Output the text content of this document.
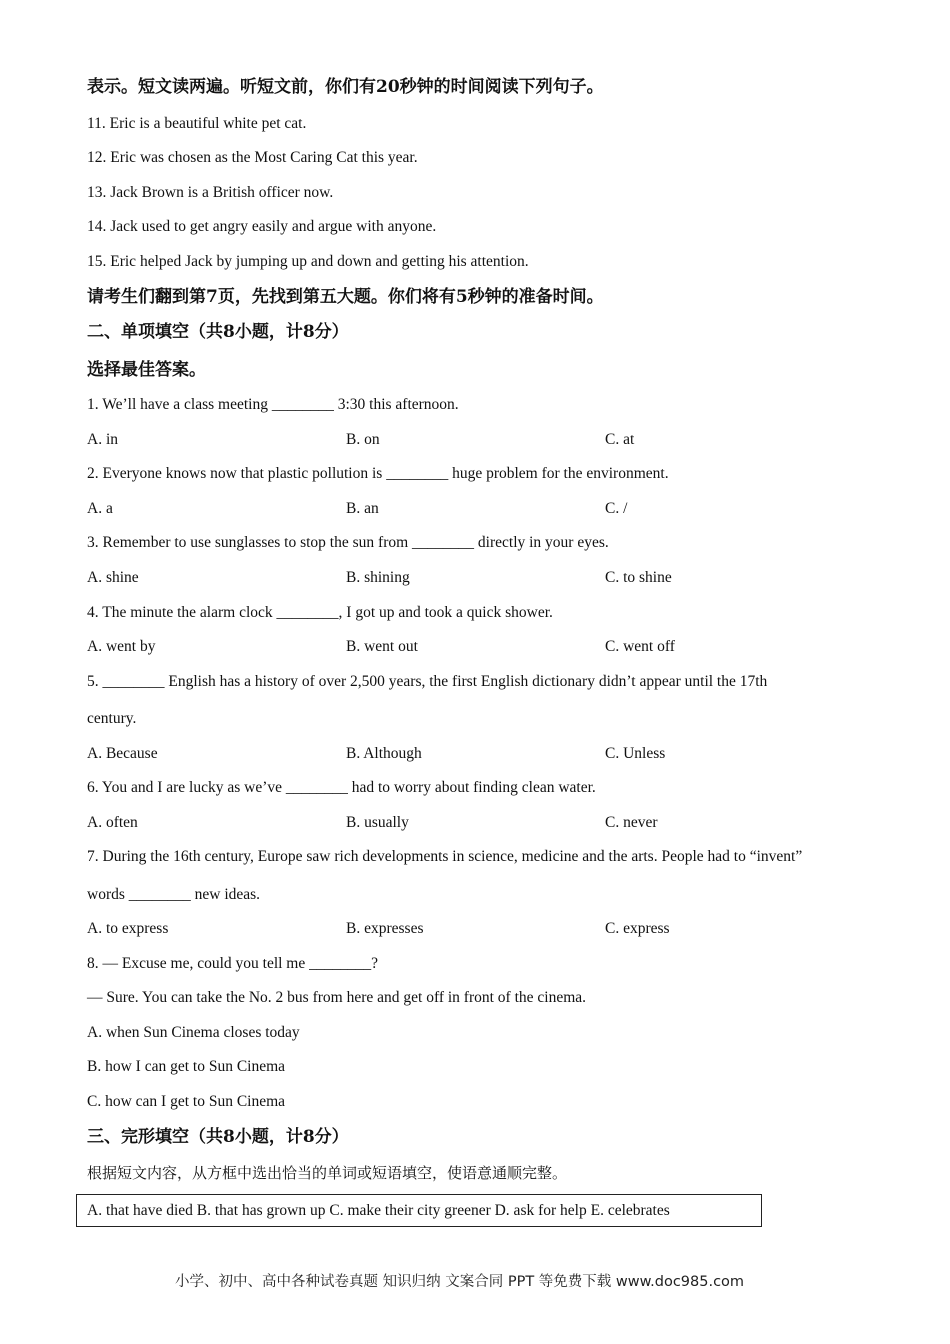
表示。短文读两遍。听短文前，你们有20秒钟的时间阅读下列句子。
11. Eric is a beautiful white pet cat.
12. Eric was chosen as the Most Caring Cat this year.
13. Jack Brown is a British officer now.
14. Jack used to get angry easily and argue with anyone.
15. Eric helped Jack by jumping up and down and getting his attention.
请考生们翻到第7页，先找到第五大题。你们将有5秒钟的准备时间。
二、单项填空（共8小题，计8分）
选择最佳答案。
1. We’ll have a class meeting ________ 3:30 this afternoon.
A. in	B. on	C. at
2. Everyone knows now that plastic pollution is ________ huge problem for the environment.
A. a	B. an	C. /
3. Remember to use sunglasses to stop the sun from ________ directly in your eyes.
A. shine	B. shining	C. to shine
4. The minute the alarm clock ________, I got up and took a quick shower.
A. went by	B. went out	C. went off
5. ________ English has a history of over 2,500 years, the first English dictionary didn’t appear until the 17th
century.
A. Because	B. Although	C. Unless
6. You and I are lucky as we’ve ________ had to worry about finding clean water.
A. often	B. usually	C. never
7. During the 16th century, Europe saw rich developments in science, medicine and the arts. People had to “invent”
words ________ new ideas.
A. to express	B. expresses	C. express
8. — Excuse me, could you tell me ________?
— Sure. You can take the No. 2 bus from here and get off in front of the cinema.
A. when Sun Cinema closes today
B. how I can get to Sun Cinema
C. how can I get to Sun Cinema
三、完形填空（共8小题，计8分）
根据短文内容，从方框中选出恰当的单词或短语填空，使语意通顺完整。
A. that have died B. that has grown up C. make their city greener D. ask for help E. celebrates
小学、初中、高中各种试卷真题 知识归纳 文案合同 PPT 等免费下载 www.doc985.com
